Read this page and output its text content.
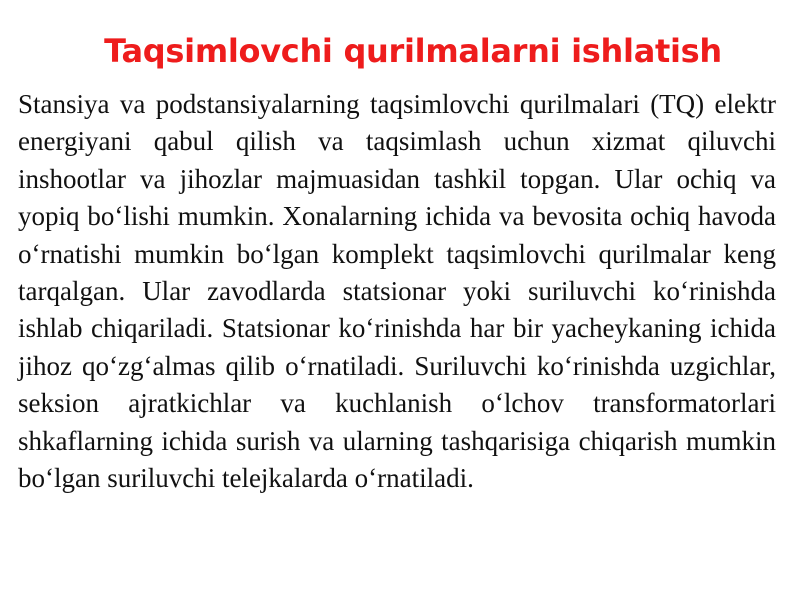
Taqsimlovchi qurilmalarni ishlatish

Stansiya va podstansiyalarning taqsimlovchi qurilmalari (TQ) elektr energiyani qabul qilish va taqsimlash uchun xizmat qiluvchi inshootlar va jihozlar majmuasidan tashkil topgan. Ular ochiq va yopiq bo‘lishi mumkin. Xonalarning ichida va bevosita ochiq havoda o‘rnatishi mumkin bo‘lgan komplekt taqsimlovchi qurilmalar keng tarqalgan. Ular zavodlarda statsionar yoki suriluvchi ko‘rinishda ishlab chiqariladi. Statsionar ko‘rinishda har bir yacheykaning ichida jihoz qo‘zg‘almas qilib o‘rnatiladi. Suriluvchi ko‘rinishda uzgichlar, seksion ajratkichlar va kuchlanish o‘lchov transformatorlari shkaflarning ichida surish va ularning tashqarisiga chiqarish mumkin bo‘lgan suriluvchi telejkalarda o‘rnatiladi.
